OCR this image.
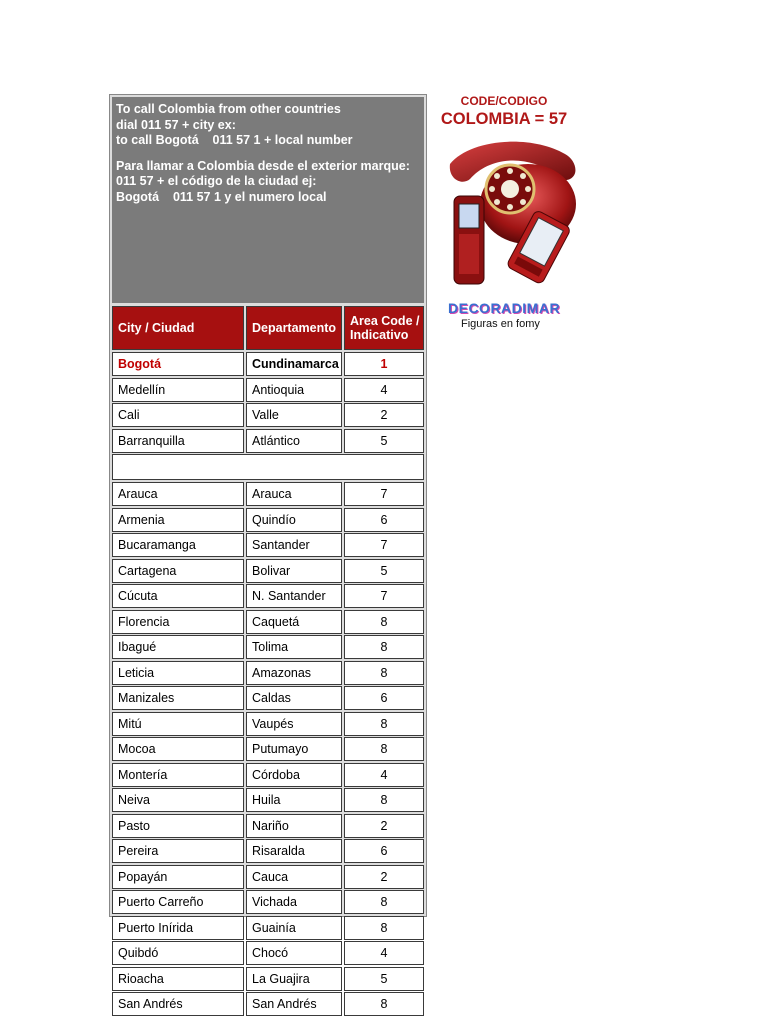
To call Colombia from other countries

dial 011 57 + city ex:

to call Bogotá    011 57 1 + local number

Para llamar a Colombia desde el exterior marque:

011 57 + el código de la ciudad ej:

Bogotá    011 57 1 y el numero local

City / Ciudad	Departamento	Area Code /
Indicativo
Bogotá	Cundinamarca	1
Medellín	Antioquia	4
Cali	Valle	2
Barranquilla	Atlántico	5
Arauca	Arauca	7
Armenia	Quindío	6
Bucaramanga	Santander	7
Cartagena	Bolivar	5
Cúcuta	N. Santander	7
Florencia	Caquetá	8
Ibagué	Tolima	8
Leticia	Amazonas	8
Manizales	Caldas	6
Mitú	Vaupés	8
Mocoa	Putumayo	8
Montería	Córdoba	4
Neiva	Huila	8
Pasto	Nariño	2
Pereira	Risaralda	6
Popayán	Cauca	2
Puerto Carreño	Vichada	8
Puerto Inírida	Guainía	8
Quibdó	Chocó	4
Rioacha	La Guajira	5
San Andrés	San Andrés	8
CODE/CODIGO
COLOMBIA = 57
DECORADIMAR
Figuras en fomy
